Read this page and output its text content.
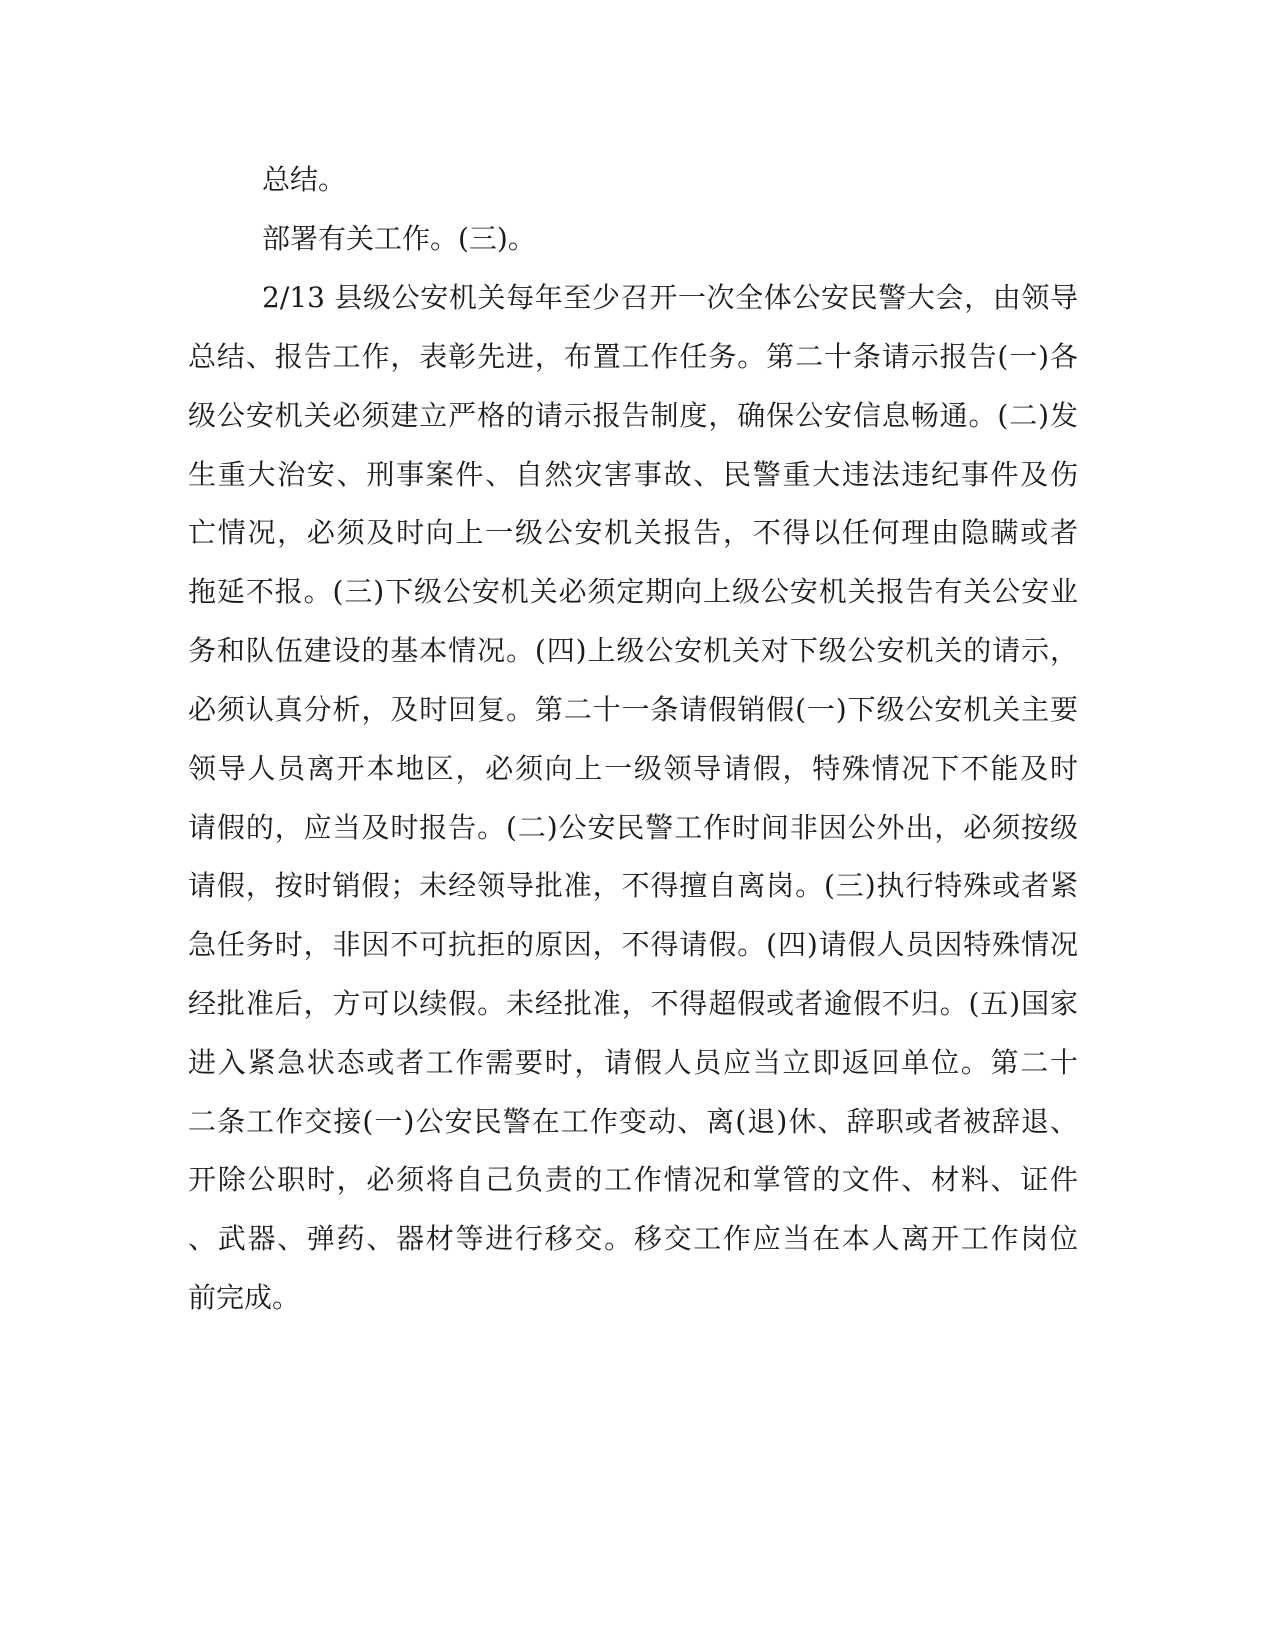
总结。
部署有关工作。(三)。
2/13 县级公安机关每年至少召开一次全体公安民警大会，由领导
总结、报告工作，表彰先进，布置工作任务。第二十条请示报告(一)各
级公安机关必须建立严格的请示报告制度，确保公安信息畅通。(二)发
生重大治安、刑事案件、自然灾害事故、民警重大违法违纪事件及伤
亡情况，必须及时向上一级公安机关报告，不得以任何理由隐瞒或者
拖延不报。(三)下级公安机关必须定期向上级公安机关报告有关公安业
务和队伍建设的基本情况。(四)上级公安机关对下级公安机关的请示，
必须认真分析，及时回复。第二十一条请假销假(一)下级公安机关主要
领导人员离开本地区，必须向上一级领导请假，特殊情况下不能及时
请假的，应当及时报告。(二)公安民警工作时间非因公外出，必须按级
请假，按时销假；未经领导批准，不得擅自离岗。(三)执行特殊或者紧
急任务时，非因不可抗拒的原因，不得请假。(四)请假人员因特殊情况
经批准后，方可以续假。未经批准，不得超假或者逾假不归。(五)国家
进入紧急状态或者工作需要时，请假人员应当立即返回单位。第二十
二条工作交接(一)公安民警在工作变动、离(退)休、辞职或者被辞退、
开除公职时，必须将自己负责的工作情况和掌管的文件、材料、证件
、武器、弹药、器材等进行移交。移交工作应当在本人离开工作岗位
前完成。
